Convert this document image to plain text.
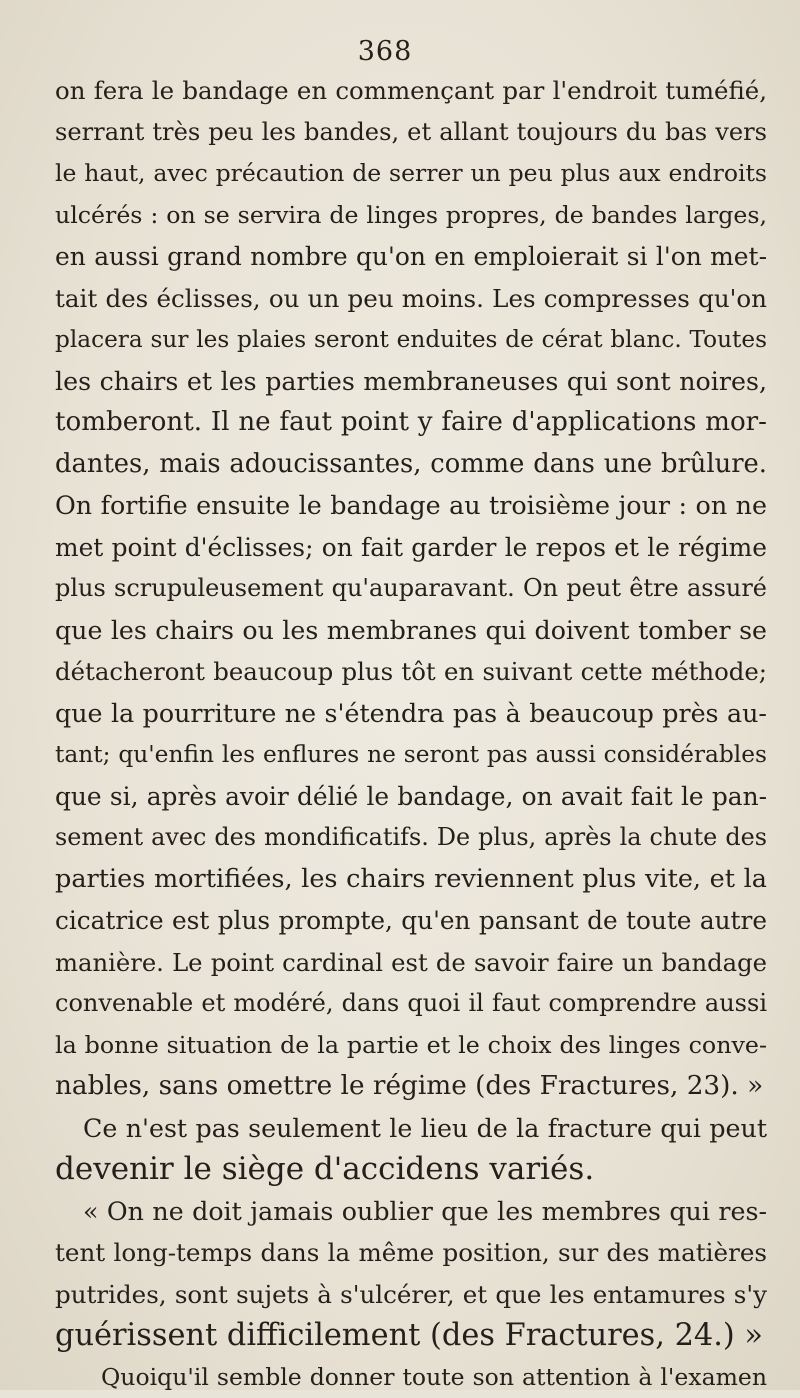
368
on fera le bandage en commençant par l'endroit tuméfié,
serrant très peu les bandes, et allant toujours du bas vers
le haut, avec précaution de serrer un peu plus aux endroits
ulcérés : on se servira de linges propres, de bandes larges,
en aussi grand nombre qu'on en emploierait si l'on met-
tait des éclisses, ou un peu moins. Les compresses qu'on
placera sur les plaies seront enduites de cérat blanc. Toutes
les chairs et les parties membraneuses qui sont noires,
tomberont. Il ne faut point y faire d'applications mor-
dantes, mais adoucissantes, comme dans une brûlure.
On fortifie ensuite le bandage au troisième jour : on ne
met point d'éclisses; on fait garder le repos et le régime
plus scrupuleusement qu'auparavant. On peut être assuré
que les chairs ou les membranes qui doivent tomber se
détacheront beaucoup plus tôt en suivant cette méthode;
que la pourriture ne s'étendra pas à beaucoup près au-
tant; qu'enfin les enflures ne seront pas aussi considérables
que si, après avoir délié le bandage, on avait fait le pan-
sement avec des mondificatifs. De plus, après la chute des
parties mortifiées, les chairs reviennent plus vite, et la
cicatrice est plus prompte, qu'en pansant de toute autre
manière. Le point cardinal est de savoir faire un bandage
convenable et modéré, dans quoi il faut comprendre aussi
la bonne situation de la partie et le choix des linges conve-
nables, sans omettre le régime (des Fractures, 23). »
Ce n'est pas seulement le lieu de la fracture qui peut
devenir le siège d'accidens variés.
« On ne doit jamais oublier que les membres qui res-
tent long-temps dans la même position, sur des matières
putrides, sont sujets à s'ulcérer, et que les entamures s'y
guérissent difficilement (des Fractures, 24.) »
Quoiqu'il semble donner toute son attention à l'examen
